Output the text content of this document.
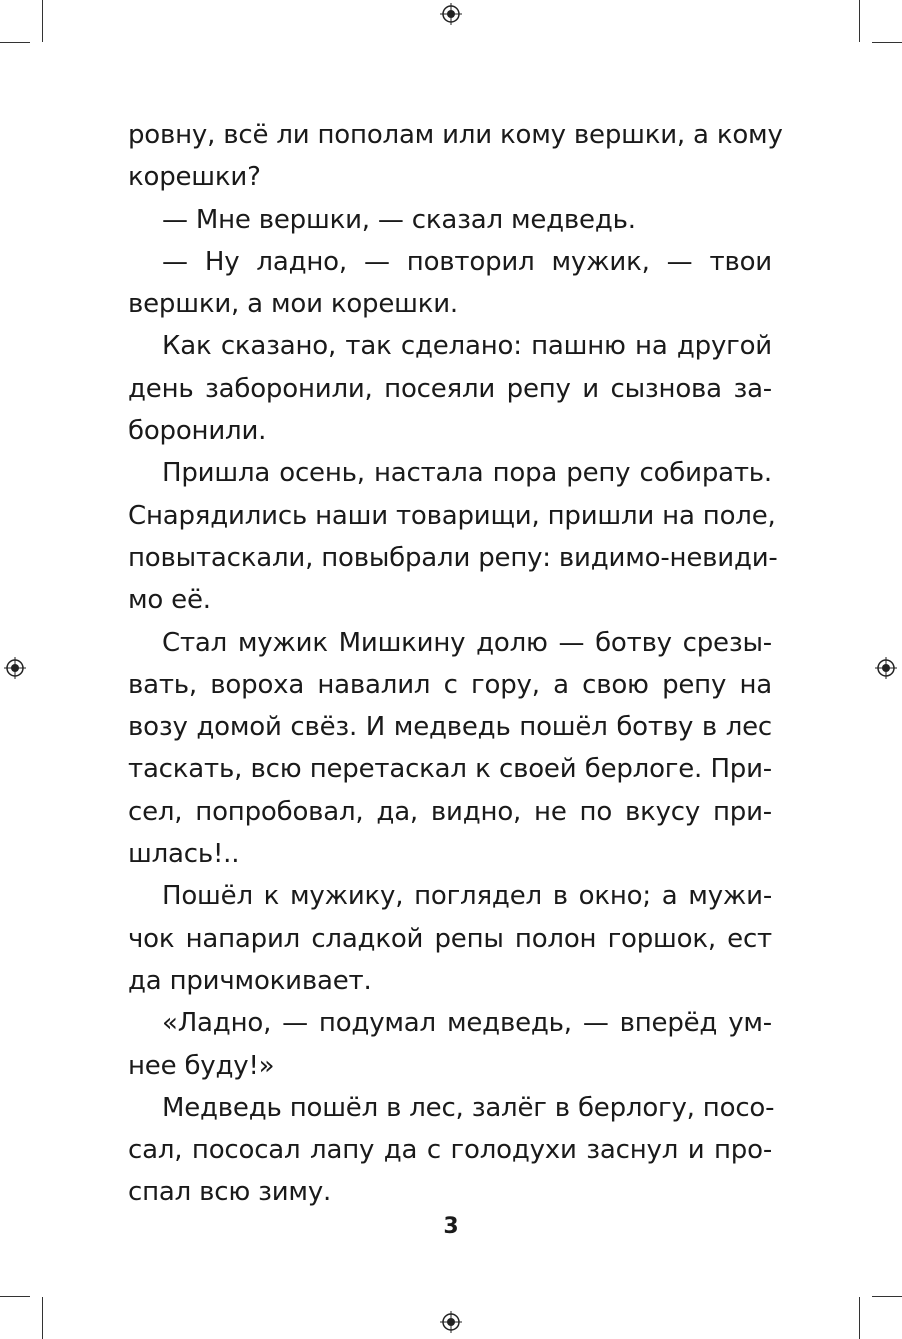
ровну, всё ли пополам или кому вершки, а кому
корешки?
— Мне вершки, — сказал медведь.
— Ну ладно, — повторил мужик, — твои
вершки, а мои корешки.
Как сказано, так сделано: пашню на другой
день заборонили, посеяли репу и сызнова за-
боронили.
Пришла осень, настала пора репу собирать.
Снарядились наши товарищи, пришли на поле,
повытаскали, повыбрали репу: видимо-невиди-
мо её.
Стал мужик Мишкину долю — ботву срезы-
вать, вороха навалил с гору, а свою репу на
возу домой свёз. И медведь пошёл ботву в лес
таскать, всю перетаскал к своей берлоге. При-
сел, попробовал, да, видно, не по вкусу при-
шлась!..
Пошёл к мужику, поглядел в окно; а мужи-
чок напарил сладкой репы полон горшок, ест
да причмокивает.
«Ладно, — подумал медведь, — вперёд ум-
нее буду!»
Медведь пошёл в лес, залёг в берлогу, посо-
сал, пососал лапу да с голодухи заснул и про-
спал всю зиму.
3
